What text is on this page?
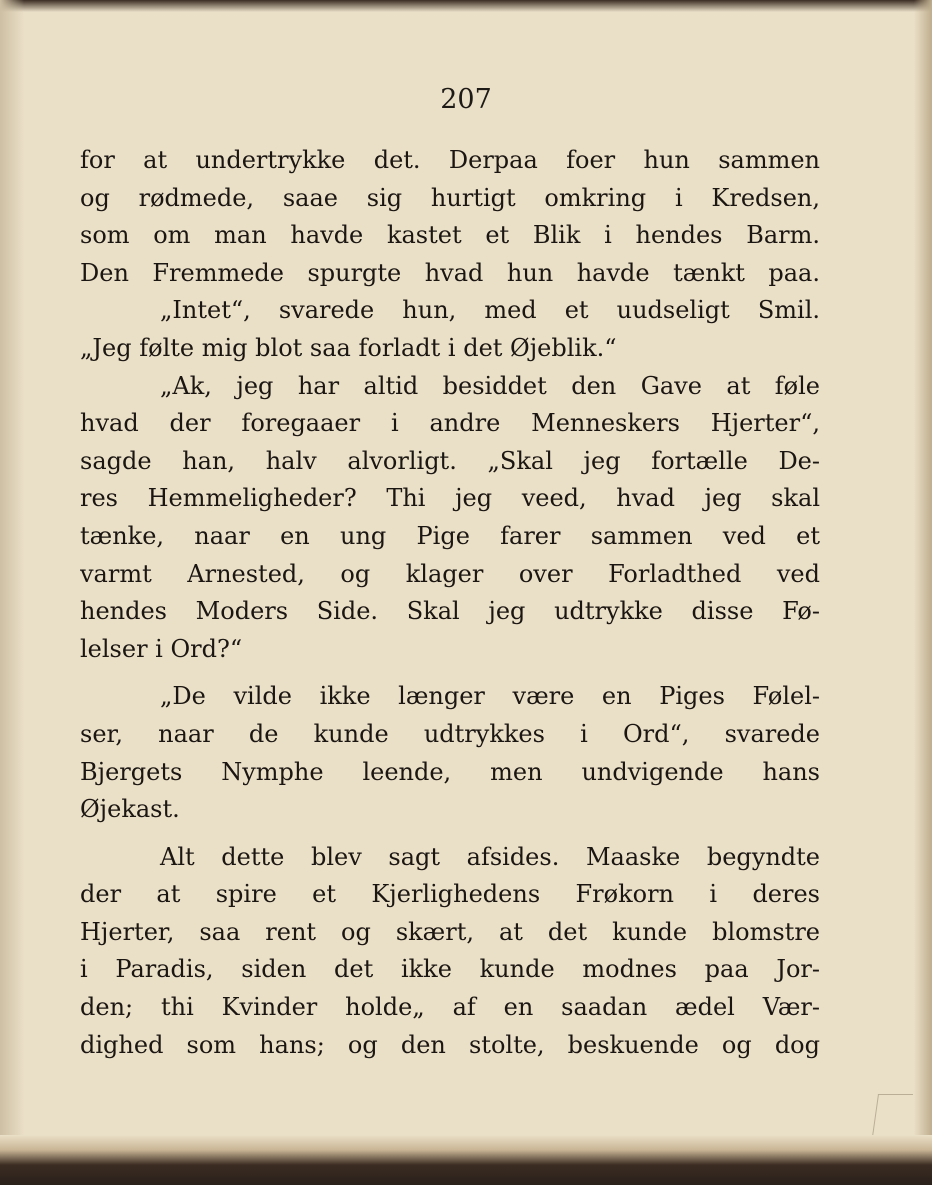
207
for at undertrykke det. Derpaa foer hun sammen
og rødmede, saae sig hurtigt omkring i Kredsen,
som om man havde kastet et Blik i hendes Barm.
Den Fremmede spurgte hvad hun havde tænkt paa.
„Intet“, svarede hun, med et uudseligt Smil.
„Jeg følte mig blot saa forladt i det Øjeblik.“
„Ak, jeg har altid besiddet den Gave at føle
hvad der foregaaer i andre Menneskers Hjerter“,
sagde han, halv alvorligt. „Skal jeg fortælle De-
res Hemmeligheder? Thi jeg veed, hvad jeg skal
tænke, naar en ung Pige farer sammen ved et
varmt Arnested, og klager over Forladthed ved
hendes Moders Side. Skal jeg udtrykke disse Fø-
lelser i Ord?“
„De vilde ikke længer være en Piges Følel-
ser, naar de kunde udtrykkes i Ord“, svarede
Bjergets Nymphe leende, men undvigende hans
Øjekast.
Alt dette blev sagt afsides. Maaske begyndte
der at spire et Kjerlighedens Frøkorn i deres
Hjerter, saa rent og skært, at det kunde blomstre
i Paradis, siden det ikke kunde modnes paa Jor-
den; thi Kvinder holde„ af en saadan ædel Vær-
dighed som hans; og den stolte, beskuende og dog
